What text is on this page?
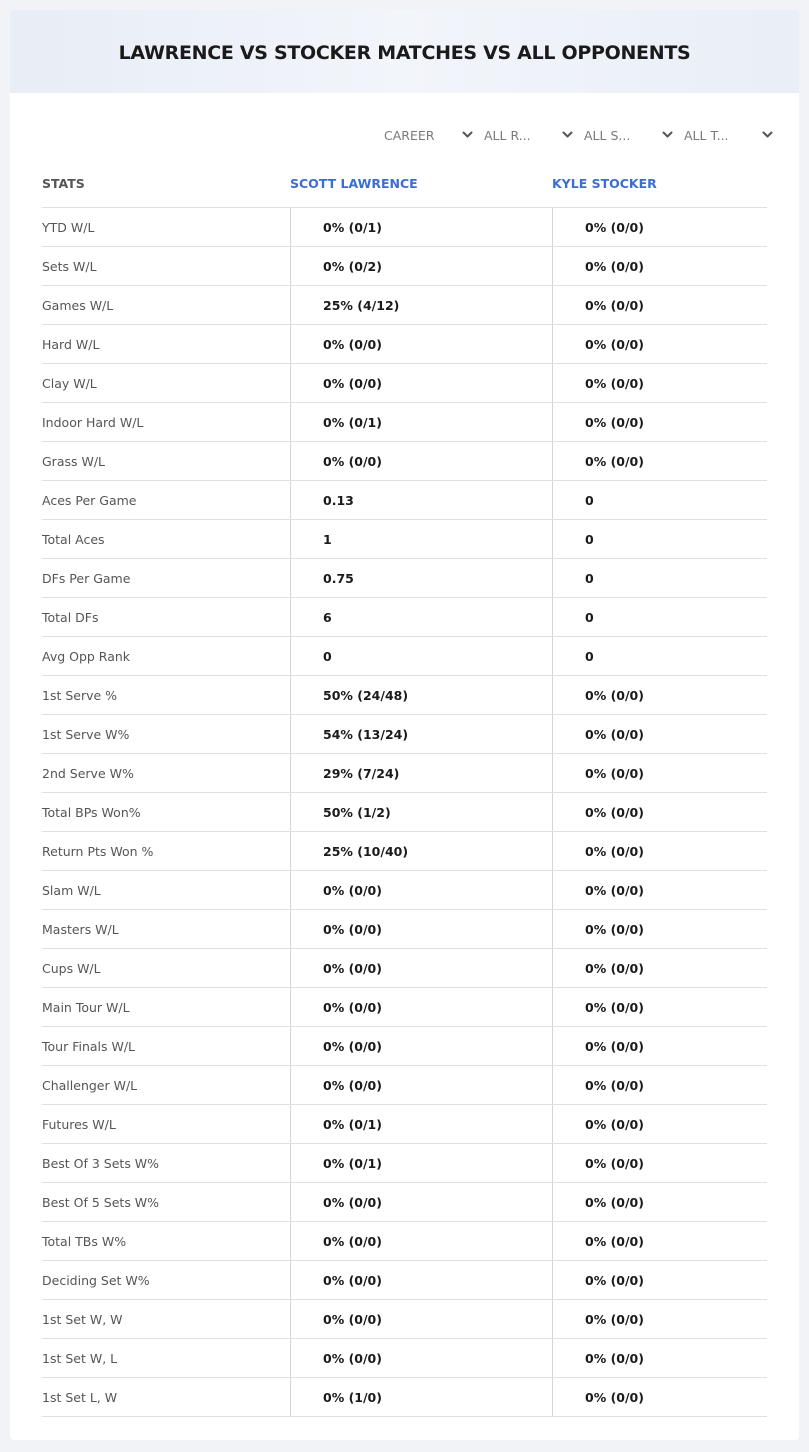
LAWRENCE VS STOCKER MATCHES VS ALL OPPONENTS
CAREER	ALL R...	ALL S...	ALL T...
STATS	SCOTT LAWRENCE	KYLE STOCKER
YTD W/L	0% (0/1)	0% (0/0)
Sets W/L	0% (0/2)	0% (0/0)
Games W/L	25% (4/12)	0% (0/0)
Hard W/L	0% (0/0)	0% (0/0)
Clay W/L	0% (0/0)	0% (0/0)
Indoor Hard W/L	0% (0/1)	0% (0/0)
Grass W/L	0% (0/0)	0% (0/0)
Aces Per Game	0.13	0
Total Aces	1	0
DFs Per Game	0.75	0
Total DFs	6	0
Avg Opp Rank	0	0
1st Serve %	50% (24/48)	0% (0/0)
1st Serve W%	54% (13/24)	0% (0/0)
2nd Serve W%	29% (7/24)	0% (0/0)
Total BPs Won%	50% (1/2)	0% (0/0)
Return Pts Won %	25% (10/40)	0% (0/0)
Slam W/L	0% (0/0)	0% (0/0)
Masters W/L	0% (0/0)	0% (0/0)
Cups W/L	0% (0/0)	0% (0/0)
Main Tour W/L	0% (0/0)	0% (0/0)
Tour Finals W/L	0% (0/0)	0% (0/0)
Challenger W/L	0% (0/0)	0% (0/0)
Futures W/L	0% (0/1)	0% (0/0)
Best Of 3 Sets W%	0% (0/1)	0% (0/0)
Best Of 5 Sets W%	0% (0/0)	0% (0/0)
Total TBs W%	0% (0/0)	0% (0/0)
Deciding Set W%	0% (0/0)	0% (0/0)
1st Set W, W	0% (0/0)	0% (0/0)
1st Set W, L	0% (0/0)	0% (0/0)
1st Set L, W	0% (1/0)	0% (0/0)
